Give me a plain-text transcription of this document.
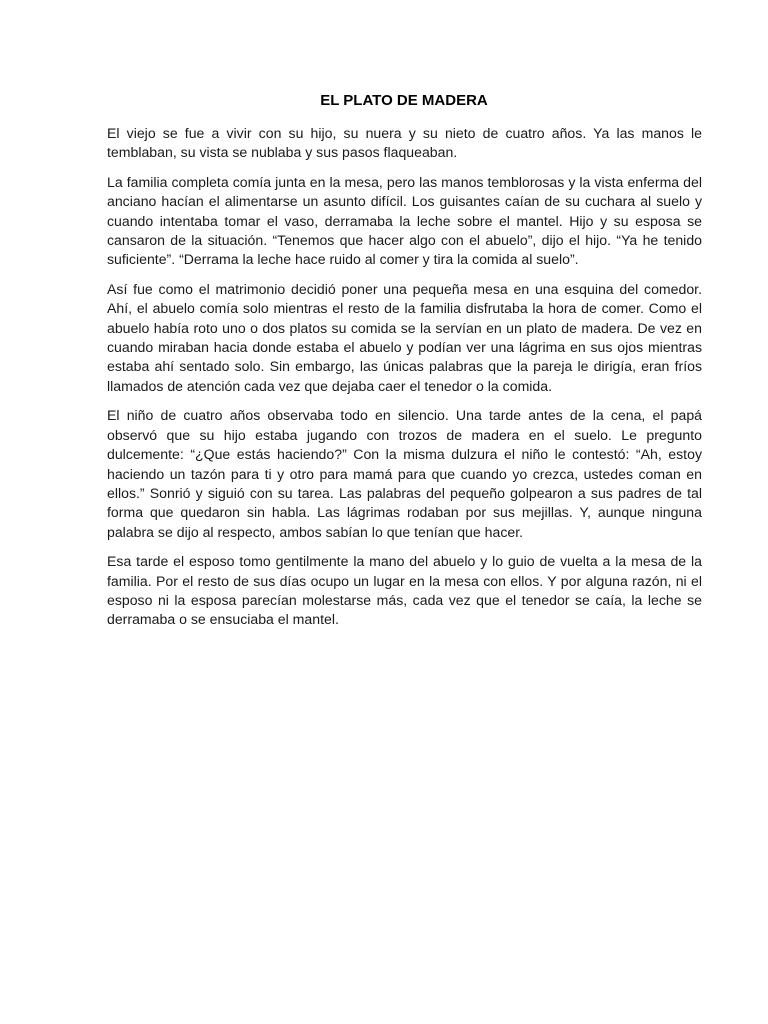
EL PLATO DE MADERA

El viejo se fue a vivir con su hijo, su nuera y su nieto de cuatro años. Ya las manos le temblaban, su vista se nublaba y sus pasos flaqueaban.

La familia completa comía junta en la mesa, pero las manos temblorosas y la vista enferma del anciano hacían el alimentarse un asunto difícil. Los guisantes caían de su cuchara al suelo y cuando intentaba tomar el vaso, derramaba la leche sobre el mantel. Hijo y su esposa se cansaron de la situación. “Tenemos que hacer algo con el abuelo”, dijo el hijo. “Ya he tenido suficiente”. “Derrama la leche hace ruido al comer y tira la comida al suelo”.

Así fue como el matrimonio decidió poner una pequeña mesa en una esquina del comedor. Ahí, el abuelo comía solo mientras el resto de la familia disfrutaba la hora de comer. Como el abuelo había roto uno o dos platos su comida se la servían en un plato de madera. De vez en cuando miraban hacia donde estaba el abuelo y podían ver una lágrima en sus ojos mientras estaba ahí sentado solo. Sin embargo, las únicas palabras que la pareja le dirigía, eran fríos llamados de atención cada vez que dejaba caer el tenedor o la comida.

El niño de cuatro años observaba todo en silencio. Una tarde antes de la cena, el papá observó que su hijo estaba jugando con trozos de madera en el suelo. Le pregunto dulcemente: “¿Que estás haciendo?” Con la misma dulzura el niño le contestó: “Ah, estoy haciendo un tazón para ti y otro para mamá para que cuando yo crezca, ustedes coman en ellos.” Sonrió y siguió con su tarea. Las palabras del pequeño golpearon a sus padres de tal forma que quedaron sin habla. Las lágrimas rodaban por sus mejillas. Y, aunque ninguna palabra se dijo al respecto, ambos sabían lo que tenían que hacer.

Esa tarde el esposo tomo gentilmente la mano del abuelo y lo guio de vuelta a la mesa de la familia. Por el resto de sus días ocupo un lugar en la mesa con ellos. Y por alguna razón, ni el esposo ni la esposa parecían molestarse más, cada vez que el tenedor se caía, la leche se derramaba o se ensuciaba el mantel.
